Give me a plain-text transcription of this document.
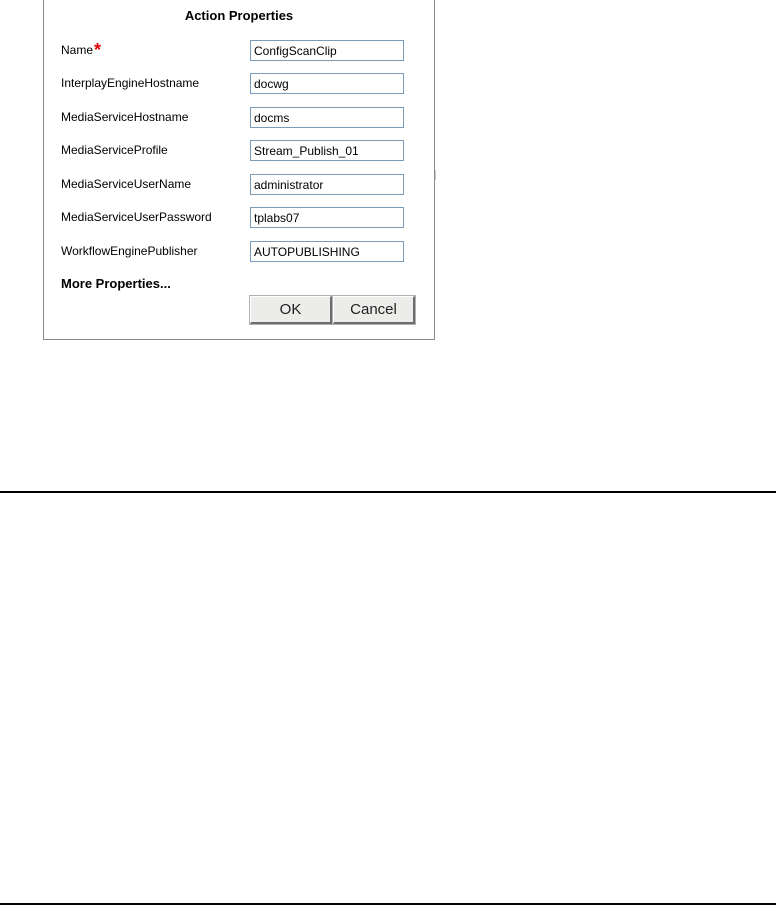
Action Properties
Name*
ConfigScanClip
InterplayEngineHostname
docwg
MediaServiceHostname
docms
MediaServiceProfile
Stream_Publish_01
MediaServiceUserName
administrator
MediaServiceUserPassword
tplabs07
WorkflowEnginePublisher
AUTOPUBLISHING
More Properties...
OK	Cancel
